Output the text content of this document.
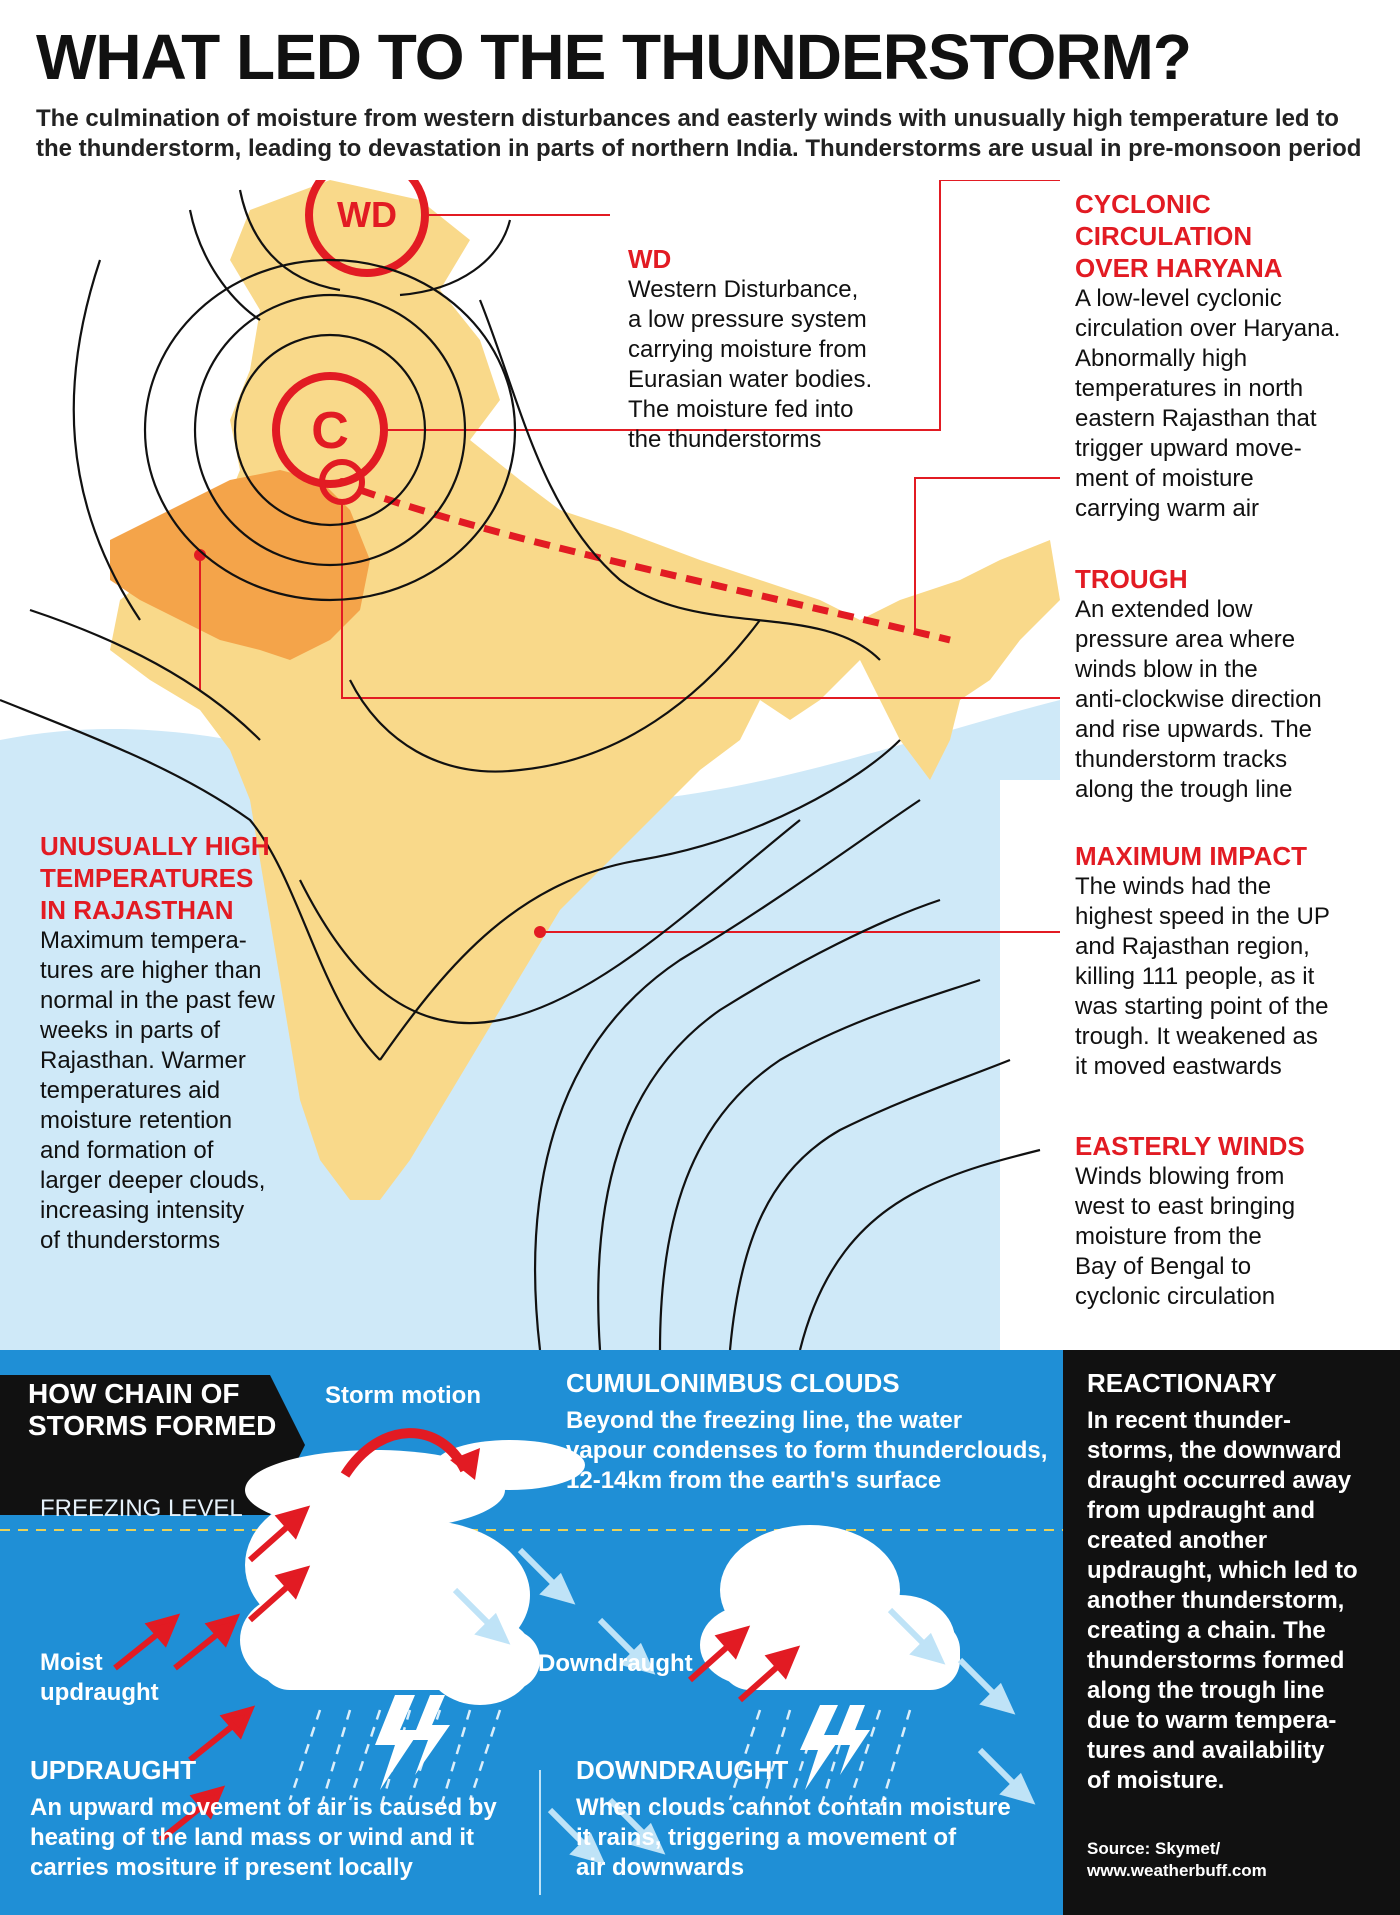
WHAT LED TO THE THUNDERSTORM?
The culmination of moisture from western disturbances and easterly winds with unusually high temperature led to the thunderstorm, leading to devastation in parts of northern India. Thunderstorms are usual in pre-monsoon period
WD
C
WD
Western Disturbance,
a low pressure system
carrying moisture from
Eurasian water bodies.
The moisture fed into
the thunderstorms
CYCLONIC
CIRCULATION
OVER HARYANA
A low-level cyclonic
circulation over Haryana.
Abnormally high
temperatures in north
eastern Rajasthan that
trigger upward move-
ment of moisture
carrying warm air
TROUGH
An extended low
pressure area where
winds blow in the
anti-clockwise direction
and rise upwards. The
thunderstorm tracks
along the trough line
MAXIMUM IMPACT
The winds had the
highest speed in the UP
and Rajasthan region,
killing 111 people, as it
was starting point of the
trough. It weakened as
it moved eastwards
EASTERLY WINDS
Winds blowing from
west to east bringing
moisture from the
Bay of Bengal to
cyclonic circulation
UNUSUALLY HIGH
TEMPERATURES
IN RAJASTHAN
Maximum tempera-
tures are higher than
normal in the past few
weeks in parts of
Rajasthan. Warmer
temperatures aid
moisture retention
and formation of
larger deeper clouds,
increasing intensity
of thunderstorms
HOW CHAIN OF
STORMS FORMED
Storm motion
FREEZING LEVEL
Moist
updraught
Downdraught
CUMULONIMBUS CLOUDS
Beyond the freezing line, the water
vapour condenses to form thunderclouds,
12-14km from the earth's surface
UPDRAUGHT
An upward movement of air is caused by
heating of the land mass or wind and it
carries mositure if present locally
DOWNDRAUGHT
When clouds cannot contain moisture
it rains, triggering a movement of
air downwards
REACTIONARY
In recent thunder-
storms, the downward
draught occurred away
from updraught and
created another
updraught, which led to
another thunderstorm,
creating a chain. The
thunderstorms formed
along the trough line
due to warm tempera-
tures and availability
of moisture.
Source: Skymet/
www.weatherbuff.com
